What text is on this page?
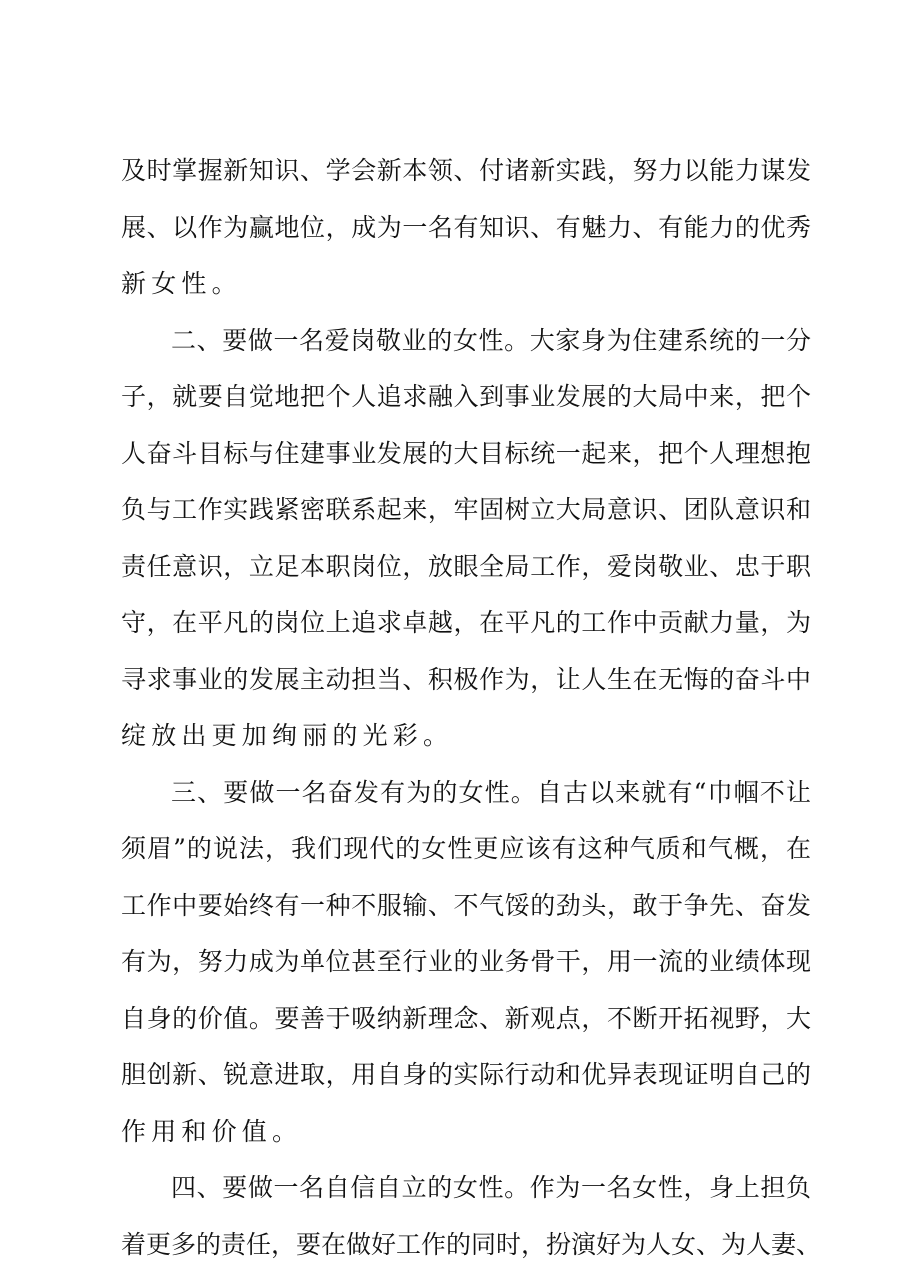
及时掌握新知识、学会新本领、付诸新实践，努力以能力谋发
展、以作为赢地位，成为一名有知识、有魅力、有能力的优秀
新女性。
二、要做一名爱岗敬业的女性。大家身为住建系统的一分
子，就要自觉地把个人追求融入到事业发展的大局中来，把个
人奋斗目标与住建事业发展的大目标统一起来，把个人理想抱
负与工作实践紧密联系起来，牢固树立大局意识、团队意识和
责任意识，立足本职岗位，放眼全局工作，爱岗敬业、忠于职
守，在平凡的岗位上追求卓越，在平凡的工作中贡献力量，为
寻求事业的发展主动担当、积极作为，让人生在无悔的奋斗中
绽放出更加绚丽的光彩。
三、要做一名奋发有为的女性。自古以来就有“巾帼不让
须眉”的说法，我们现代的女性更应该有这种气质和气概，在
工作中要始终有一种不服输、不气馁的劲头，敢于争先、奋发
有为，努力成为单位甚至行业的业务骨干，用一流的业绩体现
自身的价值。要善于吸纳新理念、新观点，不断开拓视野，大
胆创新、锐意进取，用自身的实际行动和优异表现证明自己的
作用和价值。
四、要做一名自信自立的女性。作为一名女性，身上担负
着更多的责任，要在做好工作的同时，扮演好为人女、为人妻、
